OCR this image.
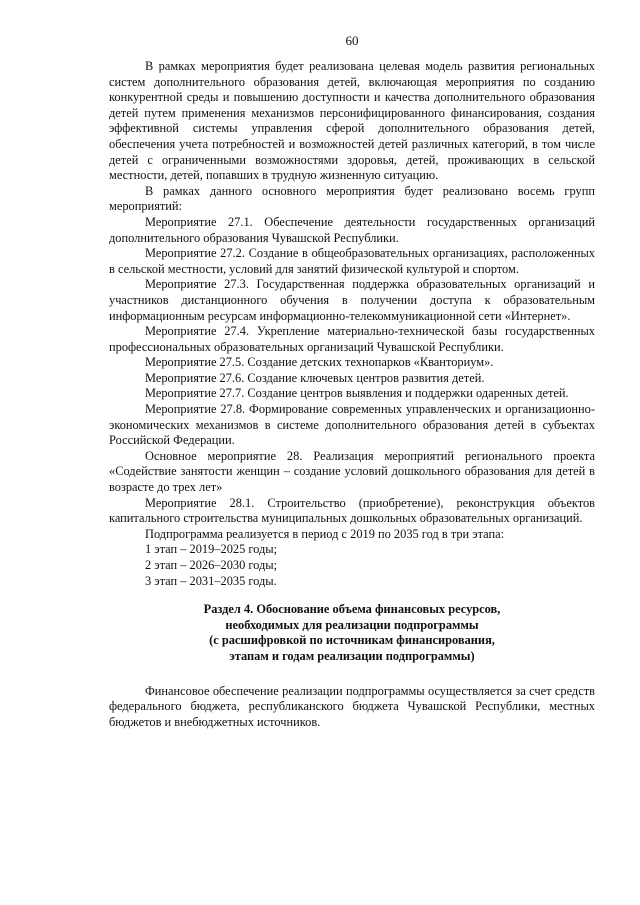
60

В рамках мероприятия будет реализована целевая модель развития региональных систем дополнительного образования детей, включающая мероприятия по созданию конкурентной среды и повышению доступности и качества дополнительного образования детей путем применения механизмов персонифицированного финансирования, создания эффективной системы управления сферой дополнительного образования детей, обеспечения учета потребностей и возможностей детей различных категорий, в том числе детей с ограниченными возможностями здоровья, детей, проживающих в сельской местности, детей, попавших в трудную жизненную ситуацию.

В рамках данного основного мероприятия будет реализовано восемь групп мероприятий:

Мероприятие 27.1. Обеспечение деятельности государственных организаций дополнительного образования Чувашской Республики.

Мероприятие 27.2. Создание в общеобразовательных организациях, расположенных в сельской местности, условий для занятий физической культурой и спортом.

Мероприятие 27.3. Государственная поддержка образовательных организаций и участников дистанционного обучения в получении доступа к образовательным информационным ресурсам информационно-телекоммуникационной сети «Интернет».

Мероприятие 27.4. Укрепление материально-технической базы государственных профессиональных образовательных организаций Чувашской Республики.

Мероприятие 27.5. Создание детских технопарков «Кванториум».

Мероприятие 27.6. Создание ключевых центров развития детей.

Мероприятие 27.7. Создание центров выявления и поддержки одаренных детей.

Мероприятие 27.8. Формирование современных управленческих и организационно-экономических механизмов в системе дополнительного образования детей в субъектах Российской Федерации.

Основное мероприятие 28. Реализация мероприятий регионального проекта «Содействие занятости женщин – создание условий дошкольного образования для детей в возрасте до трех лет»

Мероприятие 28.1. Строительство (приобретение), реконструкция объектов капитального строительства муниципальных дошкольных образовательных организаций.

Подпрограмма реализуется в период с 2019 по 2035 год в три этапа:

1 этап – 2019–2025 годы;

2 этап – 2026–2030 годы;

3 этап – 2031–2035 годы.

Раздел 4. Обоснование объема финансовых ресурсов,
необходимых для реализации подпрограммы
(с расшифровкой по источникам финансирования,
этапам и годам реализации подпрограммы)

Финансовое обеспечение реализации подпрограммы осуществляется за счет средств федерального бюджета, республиканского бюджета Чувашской Республики, местных бюджетов и внебюджетных источников.
